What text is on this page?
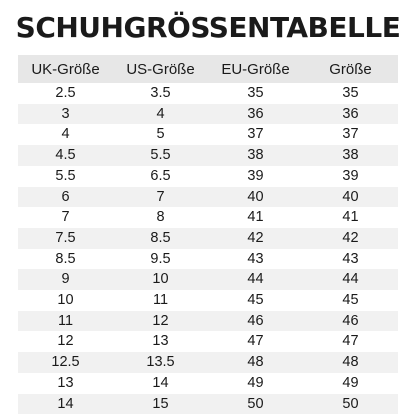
SCHUHGRÖSSENTABELLE
UK-Größe	US-Größe	EU-Größe	Größe
2.5	3.5	35	35
3	4	36	36
4	5	37	37
4.5	5.5	38	38
5.5	6.5	39	39
6	7	40	40
7	8	41	41
7.5	8.5	42	42
8.5	9.5	43	43
9	10	44	44
10	11	45	45
11	12	46	46
12	13	47	47
12.5	13.5	48	48
13	14	49	49
14	15	50	50
